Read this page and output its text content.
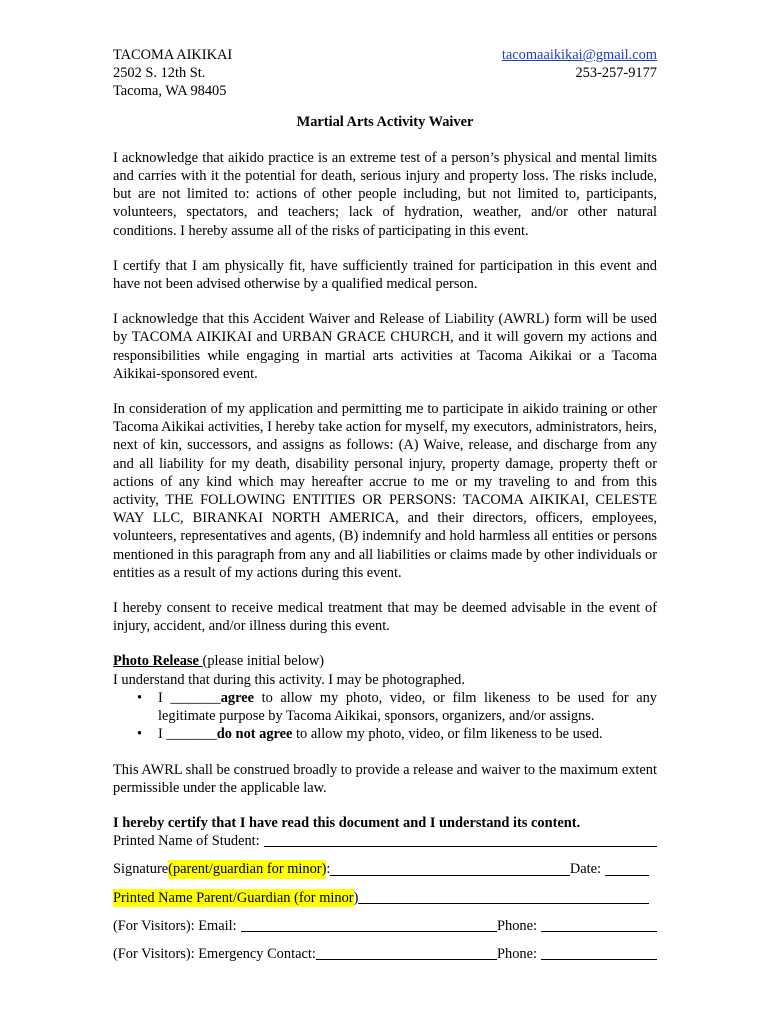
TACOMA AIKIKAI
2502 S. 12th St.
Tacoma, WA 98405
tacomaaikikai@gmail.com
253-257-9177
Martial Arts Activity Waiver

I acknowledge that aikido practice is an extreme test of a person’s physical and mental limits and carries with it the potential for death, serious injury and property loss. The risks include, but are not limited to: actions of other people including, but not limited to, participants, volunteers, spectators, and teachers; lack of hydration, weather, and/or other natural conditions. I hereby assume all of the risks of participating in this event.

I certify that I am physically fit, have sufficiently trained for participation in this event and have not been advised otherwise by a qualified medical person.

I acknowledge that this Accident Waiver and Release of Liability (AWRL) form will be used by TACOMA AIKIKAI and URBAN GRACE CHURCH, and it will govern my actions and responsibilities while engaging in martial arts activities at Tacoma Aikikai or a Tacoma Aikikai-sponsored event.

In consideration of my application and permitting me to participate in aikido training or other Tacoma Aikikai activities, I hereby take action for myself, my executors, administrators, heirs, next of kin, successors, and assigns as follows: (A) Waive, release, and discharge from any and all liability for my death, disability personal injury, property damage, property theft or actions of any kind which may hereafter accrue to me or my traveling to and from this activity, THE FOLLOWING ENTITIES OR PERSONS: TACOMA AIKIKAI, CELESTE WAY LLC, BIRANKAI NORTH AMERICA, and their directors, officers, employees, volunteers, representatives and agents, (B) indemnify and hold harmless all entities or persons mentioned in this paragraph from any and all liabilities or claims made by other individuals or entities as a result of my actions during this event.

I hereby consent to receive medical treatment that may be deemed advisable in the event of injury, accident, and/or illness during this event.

Photo Release (please initial below)
I understand that during this activity. I may be photographed.
• I _______agree to allow my photo, video, or film likeness to be used for any legitimate purpose by Tacoma Aikikai, sponsors, organizers, and/or assigns.
• I _______do not agree to allow my photo, video, or film likeness to be used.

This AWRL shall be construed broadly to provide a release and waiver to the maximum extent permissible under the applicable law.

I hereby certify that I have read this document and I understand its content.
Printed Name of Student:
Signature (parent/guardian for minor) :	Date:
Printed Name Parent/Guardian (for minor )
(For Visitors): Email:	Phone:
(For Visitors): Emergency Contact:	Phone:
